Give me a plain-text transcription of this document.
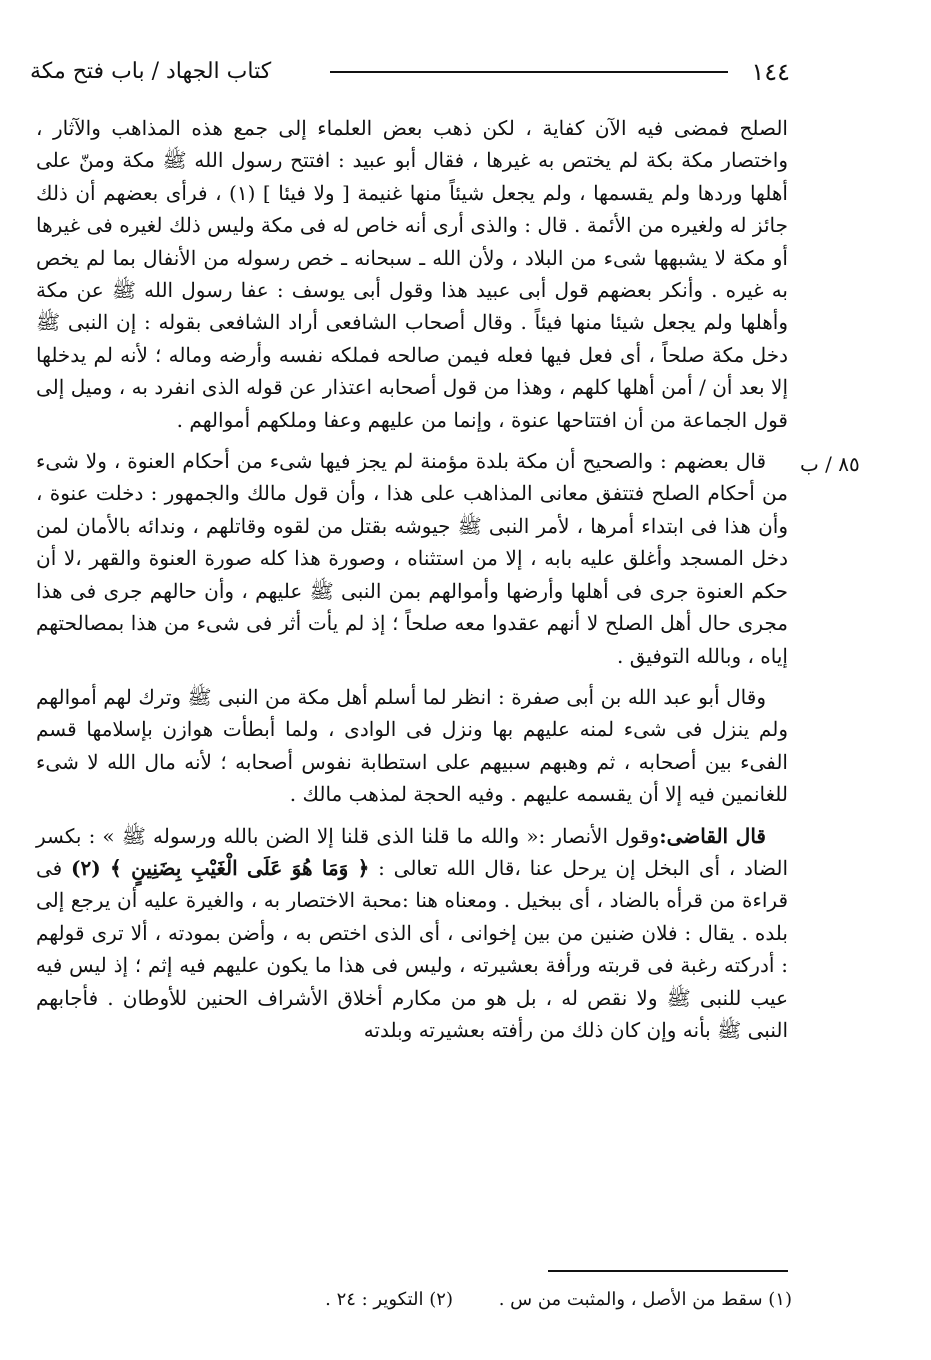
كتاب الجهاد / باب فتح مكة	١٤٤
٨٥ / ب

الصلح فمضى فيه الآن كفاية ، لكن ذهب بعض العلماء إلى جمع هذه المذاهب والآثار ، واختصار مكة بكة لم يختص به غيرها ، فقال أبو عبيد : افتتح رسول الله ﷺ مكة ومنّ على أهلها وردها ولم يقسمها ، ولم يجعل شيئاً منها غنيمة [ ولا فيئا ] (١) ، فرأى بعضهم أن ذلك جائز له ولغيره من الأئمة . قال : والذى أرى أنه خاص له فى مكة وليس ذلك لغيره فى غيرها أو مكة لا يشبهها شىء من البلاد ، ولأن الله ـ سبحانه ـ خص رسوله من الأنفال بما لم يخص به غيره . وأنكر بعضهم قول أبى عبيد هذا وقول أبى يوسف : عفا رسول الله ﷺ عن مكة وأهلها ولم يجعل شيئا منها فيئاً . وقال أصحاب الشافعى أراد الشافعى بقوله : إن النبى ﷺ دخل مكة صلحاً ، أى فعل فيها فعله فيمن صالحه فملكه نفسه وأرضه وماله ؛ لأنه لم يدخلها إلا بعد أن / أمن أهلها كلهم ، وهذا من قول أصحابه اعتذار عن قوله الذى انفرد به ، وميل إلى قول الجماعة من أن افتتاحها عنوة ، وإنما من عليهم وعفا وملكهم أموالهم .

قال بعضهم : والصحيح أن مكة بلدة مؤمنة لم يجز فيها شىء من أحكام العنوة ، ولا شىء من أحكام الصلح فتتفق معانى المذاهب على هذا ، وأن قول مالك والجمهور : دخلت عنوة ، وأن هذا فى ابتداء أمرها ، لأمر النبى ﷺ جيوشه بقتل من لقوه وقاتلهم ، وندائه بالأمان لمن دخل المسجد وأغلق عليه بابه ، إلا من استثناه ، وصورة هذا كله صورة العنوة والقهر ،لا أن حكم العنوة جرى فى أهلها وأرضها وأموالهم بمن النبى ﷺ عليهم ، وأن حالهم جرى فى هذا مجرى حال أهل الصلح لا أنهم عقدوا معه صلحاً ؛ إذ لم يأت أثر فى شىء من هذا بمصالحتهم إياه ، وبالله التوفيق .

وقال أبو عبد الله بن أبى صفرة : انظر لما أسلم أهل مكة من النبى ﷺ وترك لهم أموالهم ولم ينزل فى شىء لمنه عليهم بها ونزل فى الوادى ، ولما أبطأت هوازن بإسلامها قسم الفىء بين أصحابه ، ثم وهبهم سبيهم على استطابة نفوس أصحابه ؛ لأنه مال الله لا شىء للغانمين فيه إلا أن يقسمه عليهم . وفيه الحجة لمذهب مالك .

قال القاضى:وقول الأنصار :« والله ما قلنا الذى قلنا إلا الضن بالله ورسوله ﷺ » : بكسر الضاد ، أى البخل إن يرحل عنا ،قال الله تعالى : ﴿ وَمَا هُوَ عَلَى الْغَيْبِ بِضَنِينٍ ﴾ (٢) فى قراءة من قرأه بالضاد ، أى ببخيل . ومعناه هنا :محبة الاختصار به ، والغيرة عليه أن يرجع إلى بلده . يقال : فلان ضنين من بين إخوانى ، أى الذى اختص به ، وأضن بمودته ، ألا ترى قولهم : أدركته رغبة فى قربته ورأفة بعشيرته ، وليس فى هذا ما يكون عليهم فيه إثم ؛ إذ ليس فيه عيب للنبى ﷺ ولا نقص له ، بل هو من مكارم أخلاق الأشراف الحنين للأوطان . فأجابهم النبى ﷺ بأنه وإن كان ذلك من رأفته بعشيرته وبلدته

(١) سقط من الأصل ، والمثبت من س . (٢) التكوير : ٢٤ .
